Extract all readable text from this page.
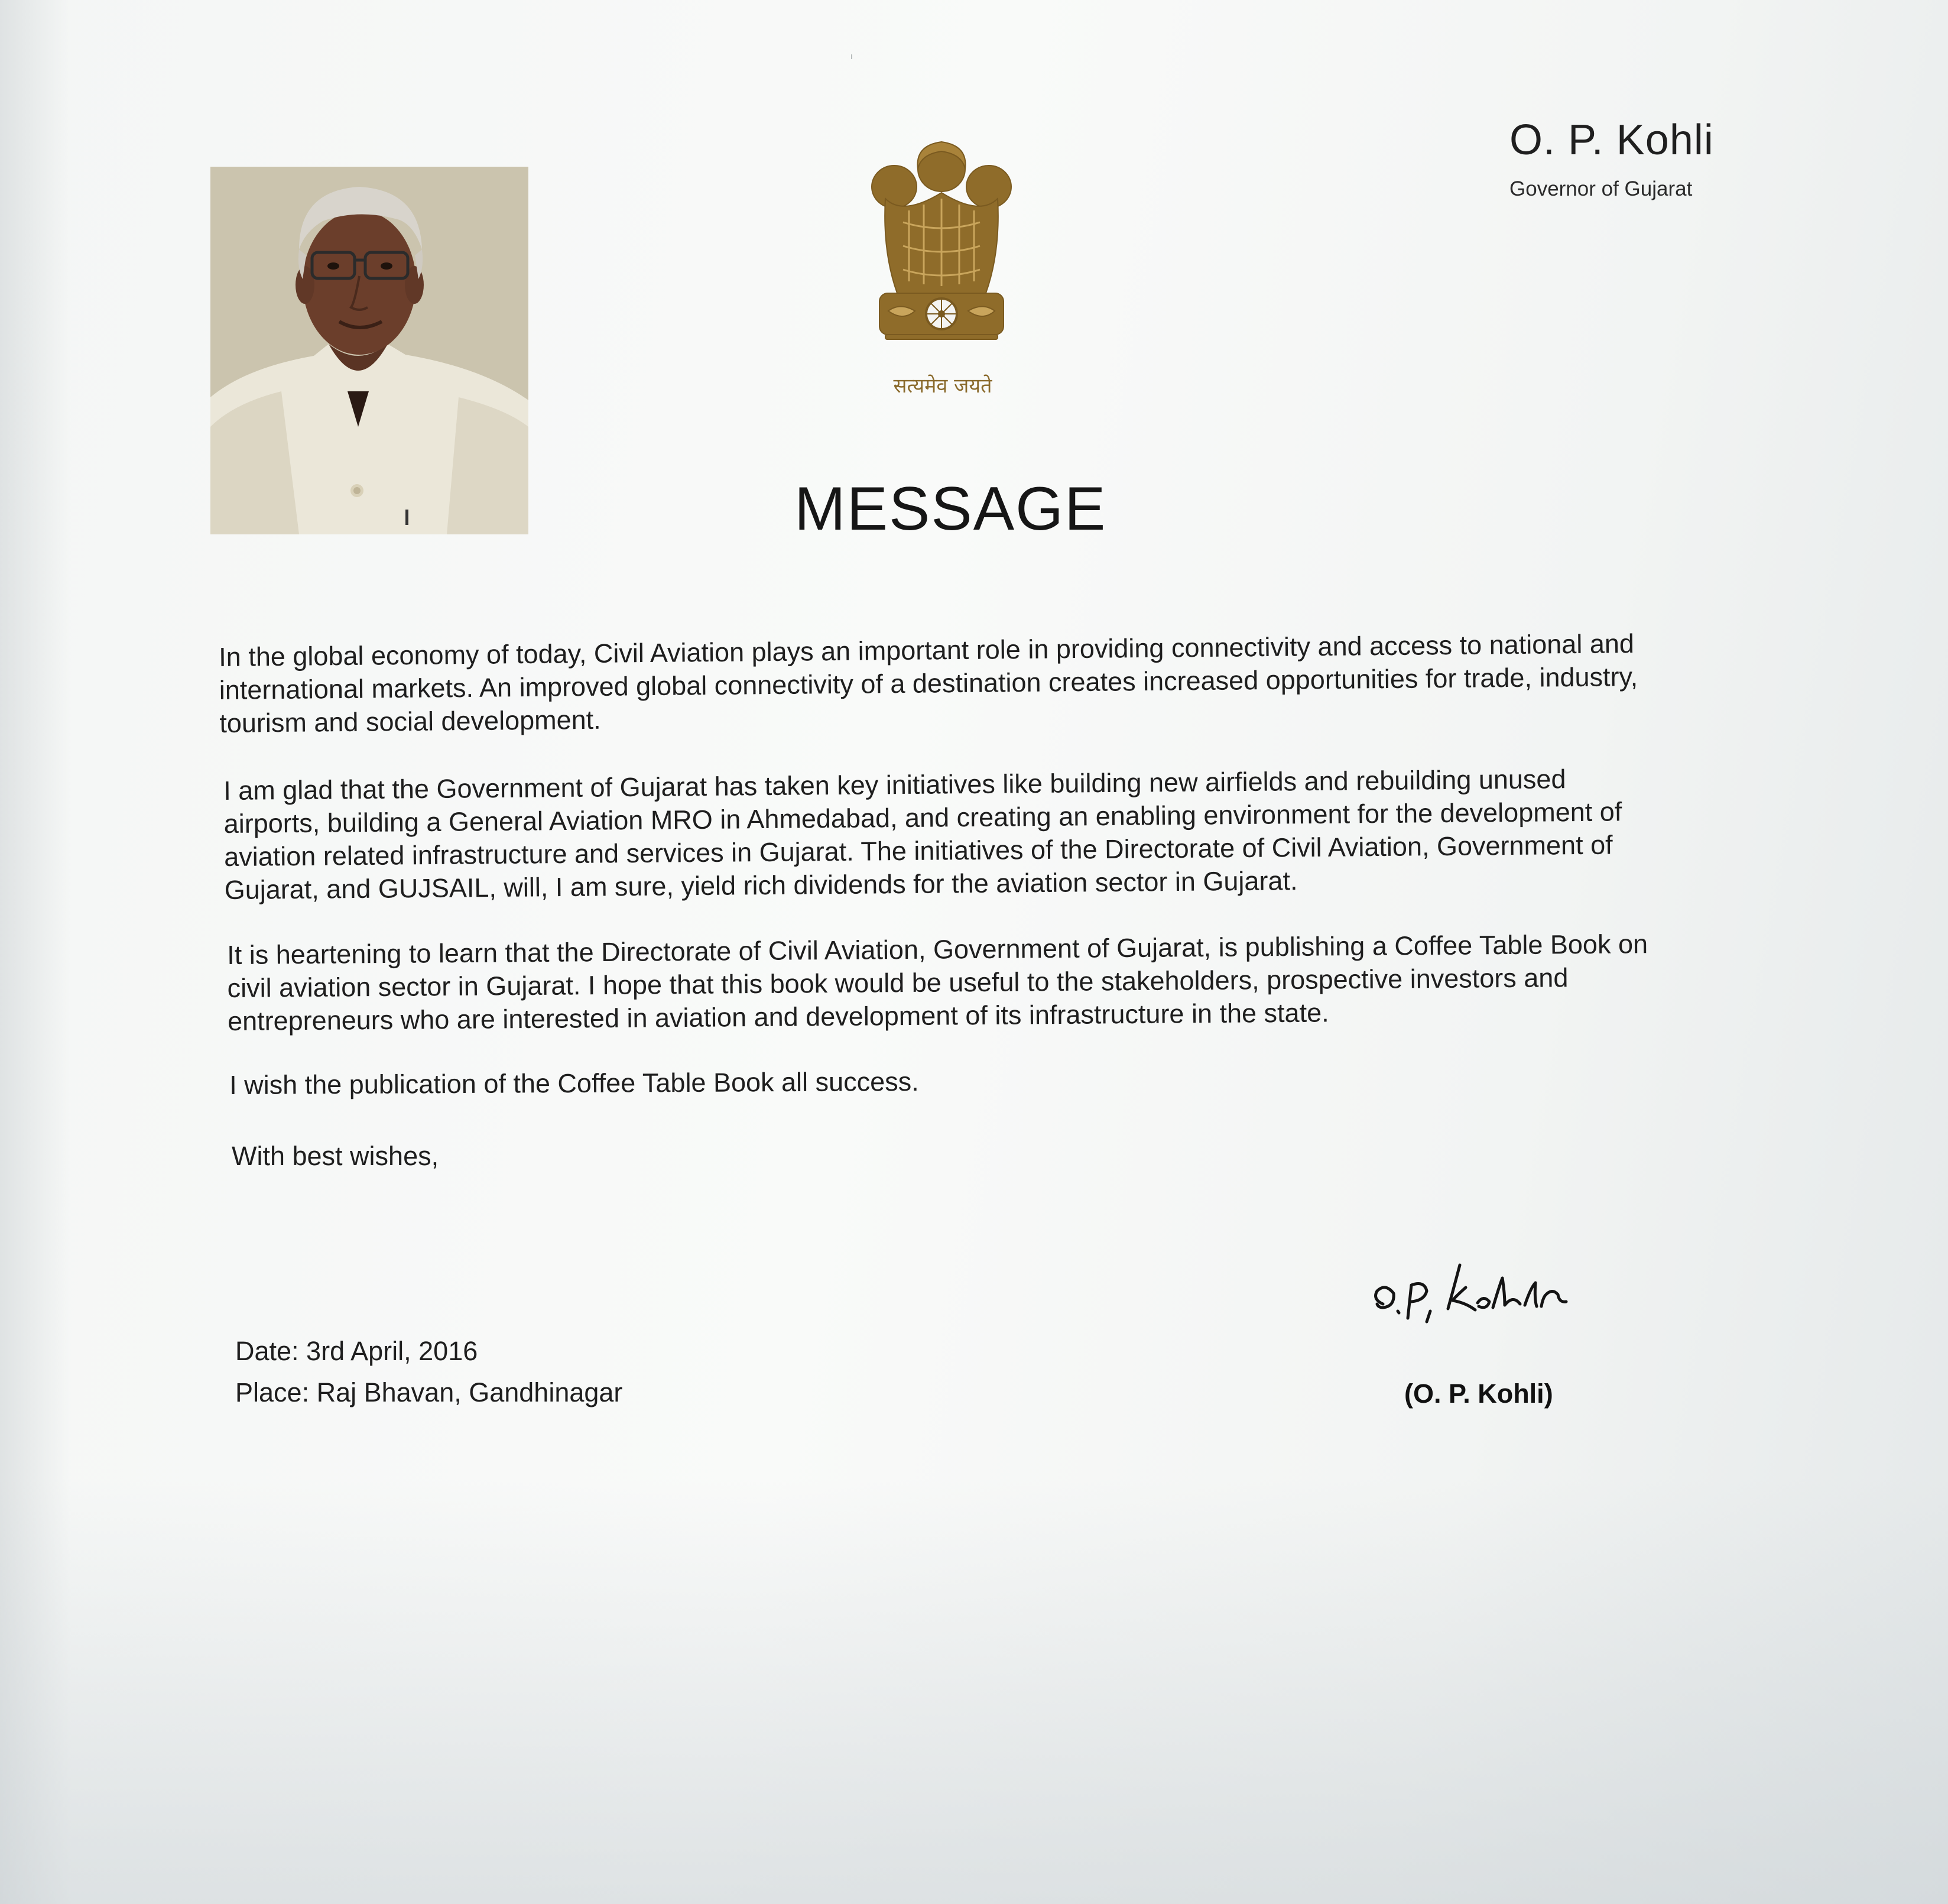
सत्यमेव जयते
O. P. Kohli
Governor of Gujarat
MESSAGE
In the global economy of today, Civil Aviation plays an important role in providing connectivity and access to national and international markets. An improved global connectivity of a destination creates increased opportunities for trade, industry, tourism and social development.
I am glad that the Government of Gujarat has taken key initiatives like building new airfields and rebuilding unused airports, building a General Aviation MRO in Ahmedabad, and creating an enabling environment for the development of aviation related infrastructure and services in Gujarat. The initiatives of the Directorate of Civil Aviation, Government of Gujarat, and GUJSAIL, will, I am sure, yield rich dividends for the aviation sector in Gujarat.
It is heartening to learn that the Directorate of Civil Aviation, Government of Gujarat, is publishing a Coffee Table Book on civil aviation sector in Gujarat. I hope that this book would be useful to the stakeholders, prospective investors and entrepreneurs who are interested in aviation and development of its infrastructure in the state.
I wish the publication of the Coffee Table Book all success.
With best wishes,
Date: 3rd April, 2016
Place: Raj Bhavan, Gandhinagar	(O. P. Kohli)
